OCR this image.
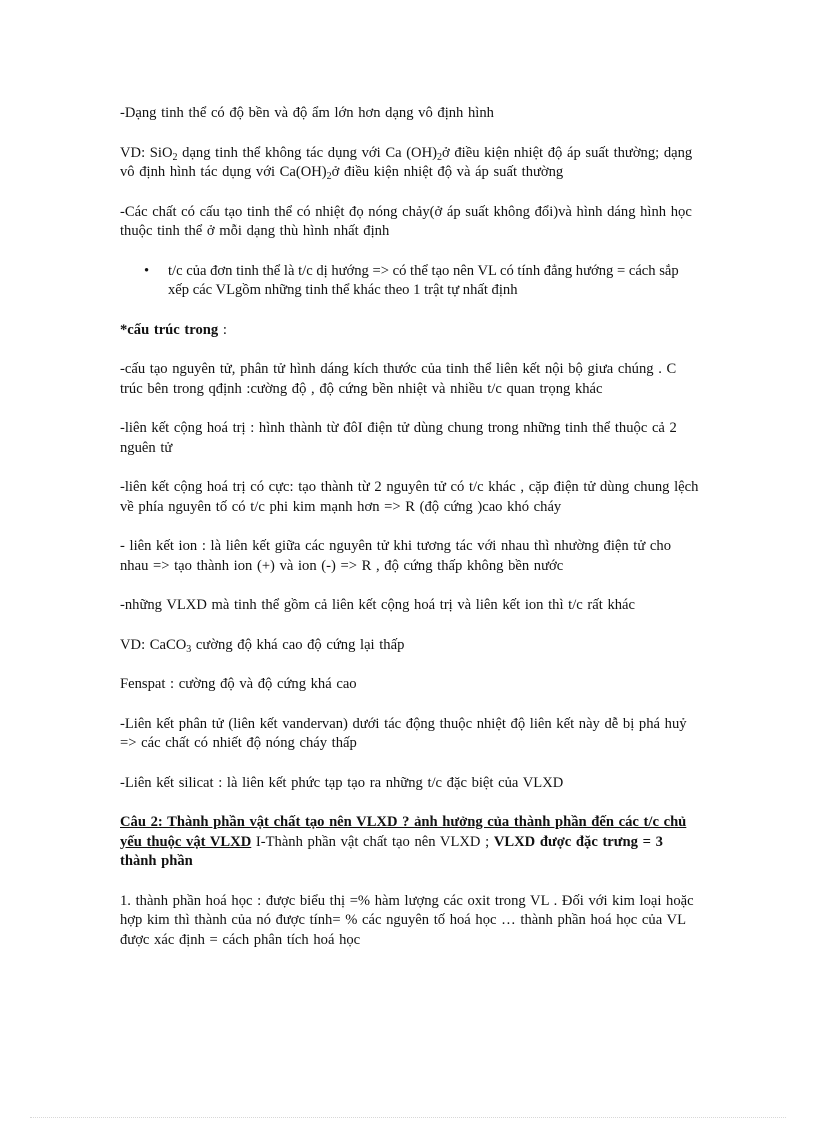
-Dạng tinh thể có độ bền và độ ẩm lớn hơn dạng vô định hình

VD: SiO$_2$ dạng tinh thể không tác dụng với Ca $(OH)_2ở$ điều kiện nhiệt độ áp suất thường; dạng vô định hình tác dụng với $Ca(OH)_2ở$ điều kiện nhiệt độ và áp suất thường

-Các chất có cấu tạo tinh thể có nhiệt đọ nóng chảy(ở áp suất không đổi)và hình dáng hình học thuộc tinh thể ở mỗi dạng thù hình nhất định

• t/c của đơn tinh thể là t/c dị hướng => có thể tạo nên VL có tính đẳng hướng = cách sắp xếp các VLgồm những tinh thể khác theo 1 trật tự nhất định

*cấu trúc trong :

-cấu tạo nguyên tử, phân tử hình dáng kích thước của tinh thể liên kết nội bộ giưa chúng . C trúc bên trong qđịnh :cường độ , độ cứng bền nhiệt và nhiều t/c quan trọng khác

-liên kết cộng hoá trị : hình thành từ đôI điện tử dùng chung trong những tinh thể thuộc cả 2 nguên tử

-liên kết cộng hoá trị có cực: tạo thành từ 2 nguyên tử có t/c khác , cặp điện tử dùng chung lệch về phía nguyên tố có t/c phi kim mạnh hơn => R (độ cứng )cao khó cháy

- liên kết ion : là liên kết giữa các nguyên tử khi tương tác với nhau thì nhường điện tử cho nhau => tạo thành ion (+) và ion (-) => R , độ cứng thấp không bền nước

-những VLXD mà tinh thể gồm cả liên kết cộng hoá trị và liên kết ion thì t/c rất khác

VD: CaCO$_3$ cường độ khá cao độ cứng lại thấp

Fenspat : cường độ và độ cứng khá cao

-Liên kết phân tử (liên kết vandervan) dưới tác động thuộc nhiệt độ liên kết này dễ bị phá huỷ => các chất có nhiết độ nóng cháy thấp

-Liên kết silicat : là liên kết phức tạp tạo ra những t/c đặc biệt của VLXD

Câu 2: Thành phần vật chất tạo nên VLXD ? ảnh hưởng của thành phần đến các t/c chủ yếu thuộc vật VLXD I-Thành phần vật chất tạo nên VLXD ; VLXD được đặc trưng = 3 thành phần

1. thành phần hoá học : được biểu thị =% hàm lượng các oxit trong VL . Đối với kim loại hoặc hợp kim thì thành của nó được tính= % các nguyên tố hoá học … thành phần hoá học của VL được xác định = cách phân tích hoá học
